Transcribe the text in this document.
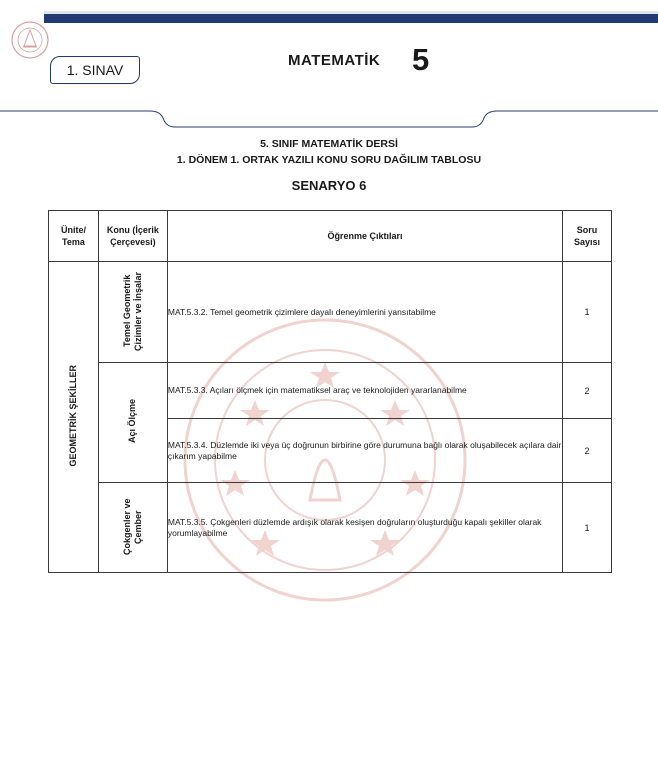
1. SINAV
MATEMATİK 5
5. SINIF MATEMATİK DERSİ
1. DÖNEM 1. ORTAK YAZILI KONU SORU DAĞILIM TABLOSU
SENARYO 6
Ünite/ Tema	Konu (İçerik Çerçevesi)	Öğrenme Çıktıları	Soru Sayısı
GEOMETRİK ŞEKİLLER	Temel Geometrik Çizimler ve İnşalar	MAT.5.3.2. Temel geometrik çizimlere dayalı deneyimlerini yansıtabilme	1
	Açı Ölçme	MAT.5.3.3. Açıları ölçmek için matematiksel araç ve teknolojiden yararlanabilme	2
		MAT.5.3.4. Düzlemde iki veya üç doğrunun birbirine göre durumuna bağlı olarak oluşabilecek açılara dair çıkarım yapabilme	2
	Çokgenler ve Çember	MAT.5.3.5. Çokgenleri düzlemde ardışık olarak kesişen doğruların oluşturduğu kapalı şekiller olarak yorumlayabilme	1
